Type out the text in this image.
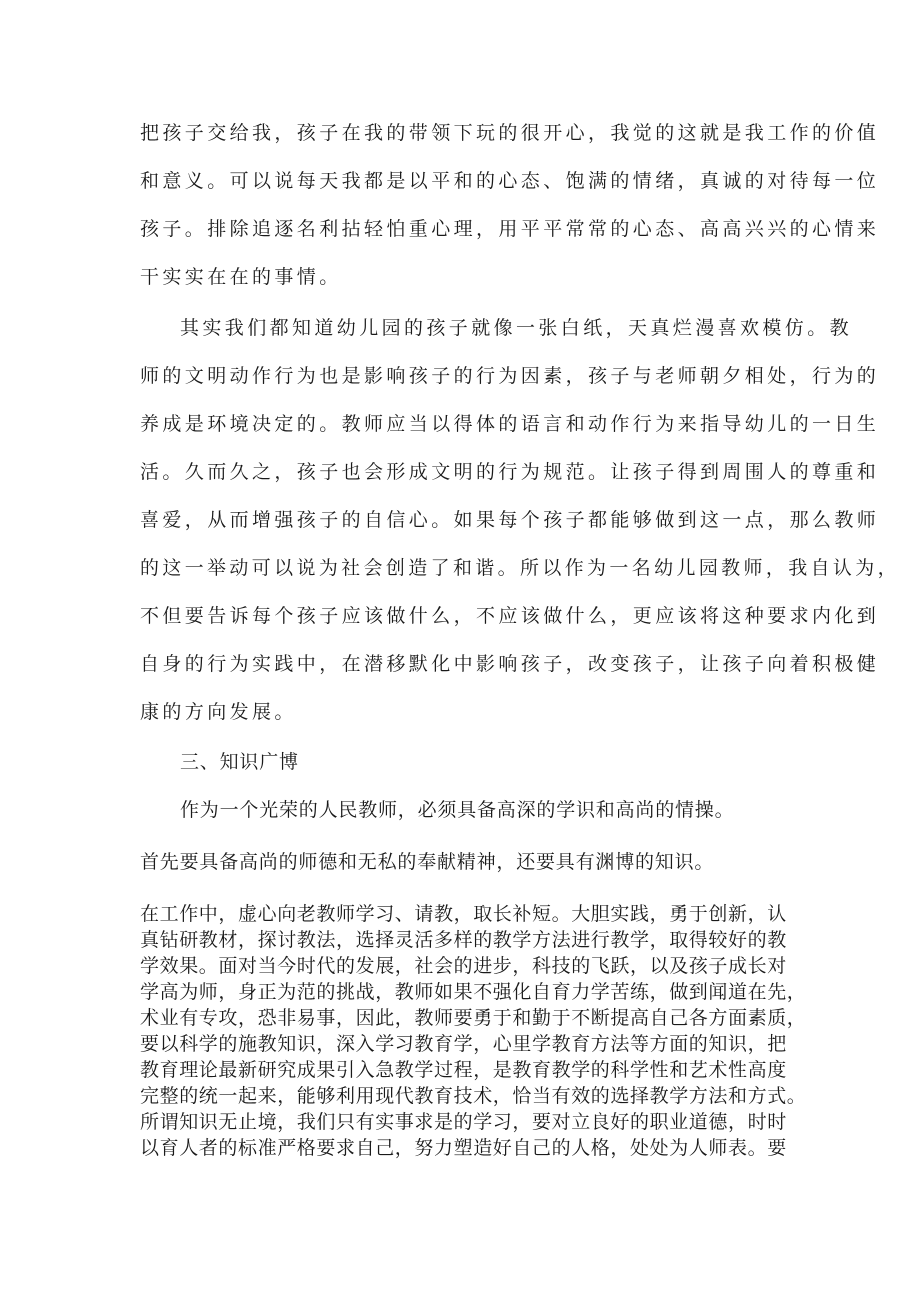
把孩子交给我，孩子在我的带领下玩的很开心，我觉的这就是我工作的价值
和意义。可以说每天我都是以平和的心态、饱满的情绪，真诚的对待每一位
孩子。排除追逐名利拈轻怕重心理，用平平常常的心态、高高兴兴的心情来
干实实在在的事情。
其实我们都知道幼儿园的孩子就像一张白纸，天真烂漫喜欢模仿。教
师的文明动作行为也是影响孩子的行为因素，孩子与老师朝夕相处，行为的
养成是环境决定的。教师应当以得体的语言和动作行为来指导幼儿的一日生
活。久而久之，孩子也会形成文明的行为规范。让孩子得到周围人的尊重和
喜爱，从而增强孩子的自信心。如果每个孩子都能够做到这一点，那么教师
的这一举动可以说为社会创造了和谐。所以作为一名幼儿园教师，我自认为，
不但要告诉每个孩子应该做什么，不应该做什么，更应该将这种要求内化到
自身的行为实践中，在潜移默化中影响孩子，改变孩子，让孩子向着积极健
康的方向发展。
三、知识广博
作为一个光荣的人民教师，必须具备高深的学识和高尚的情操。
首先要具备高尚的师德和无私的奉献精神，还要具有渊博的知识。
在工作中，虚心向老教师学习、请教，取长补短。大胆实践，勇于创新，认
真钻研教材，探讨教法，选择灵活多样的教学方法进行教学，取得较好的教
学效果。面对当今时代的发展，社会的进步，科技的飞跃，以及孩子成长对
学高为师，身正为范的挑战，教师如果不强化自育力学苦练，做到闻道在先，
术业有专攻，恐非易事，因此，教师要勇于和勤于不断提高自己各方面素质，
要以科学的施教知识，深入学习教育学，心里学教育方法等方面的知识，把
教育理论最新研究成果引入急教学过程，是教育教学的科学性和艺术性高度
完整的统一起来，能够利用现代教育技术，恰当有效的选择教学方法和方式。
所谓知识无止境，我们只有实事求是的学习，要对立良好的职业道德，时时
以育人者的标准严格要求自己，努力塑造好自己的人格，处处为人师表。要
